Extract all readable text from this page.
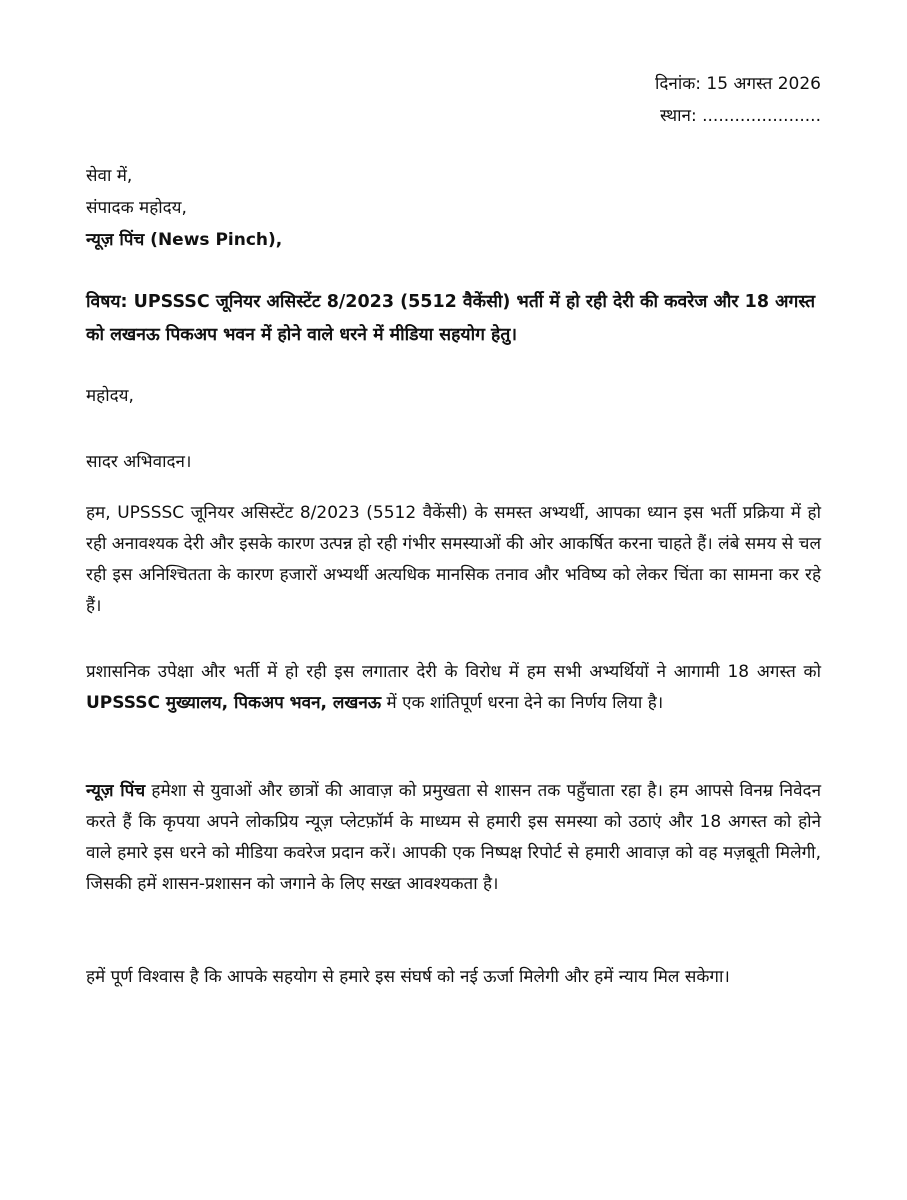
दिनांक: 15 अगस्त 2026
स्थान: ......................
सेवा में,
संपादक महोदय,
न्यूज़ पिंच (News Pinch),
विषय: UPSSSC जूनियर असिस्टेंट 8/2023 (5512 वैकेंसी) भर्ती में हो रही देरी की कवरेज और 18 अगस्त को लखनऊ पिकअप भवन में होने वाले धरने में मीडिया सहयोग हेतु।
महोदय,
सादर अभिवादन।
हम, UPSSSC जूनियर असिस्टेंट 8/2023 (5512 वैकेंसी) के समस्त अभ्यर्थी, आपका ध्यान इस भर्ती प्रक्रिया में हो रही अनावश्यक देरी और इसके कारण उत्पन्न हो रही गंभीर समस्याओं की ओर आकर्षित करना चाहते हैं। लंबे समय से चल रही इस अनिश्चितता के कारण हजारों अभ्यर्थी अत्यधिक मानसिक तनाव और भविष्य को लेकर चिंता का सामना कर रहे हैं।
प्रशासनिक उपेक्षा और भर्ती में हो रही इस लगातार देरी के विरोध में हम सभी अभ्यर्थियों ने आगामी 18 अगस्त को UPSSSC मुख्यालय, पिकअप भवन, लखनऊ में एक शांतिपूर्ण धरना देने का निर्णय लिया है।
न्यूज़ पिंच हमेशा से युवाओं और छात्रों की आवाज़ को प्रमुखता से शासन तक पहुँचाता रहा है। हम आपसे विनम्र निवेदन करते हैं कि कृपया अपने लोकप्रिय न्यूज़ प्लेटफ़ॉर्म के माध्यम से हमारी इस समस्या को उठाएं और 18 अगस्त को होने वाले हमारे इस धरने को मीडिया कवरेज प्रदान करें। आपकी एक निष्पक्ष रिपोर्ट से हमारी आवाज़ को वह मज़बूती मिलेगी, जिसकी हमें शासन-प्रशासन को जगाने के लिए सख्त आवश्यकता है।
हमें पूर्ण विश्वास है कि आपके सहयोग से हमारे इस संघर्ष को नई ऊर्जा मिलेगी और हमें न्याय मिल सकेगा।
